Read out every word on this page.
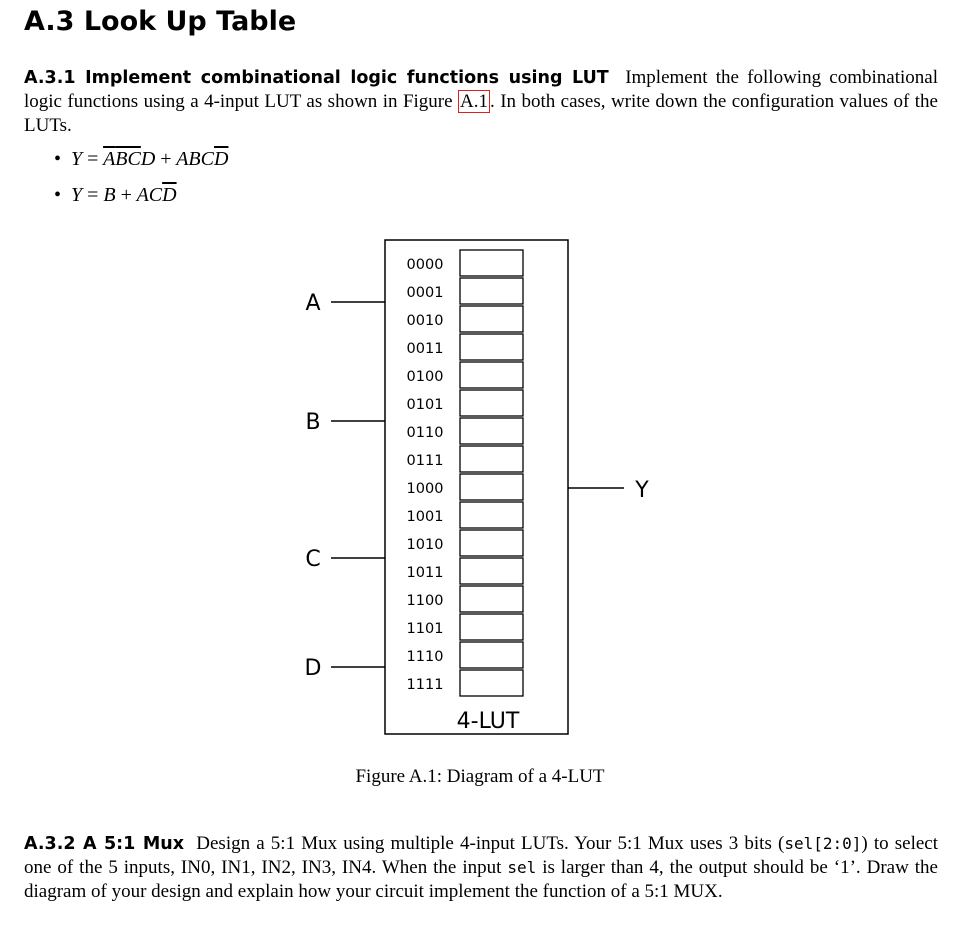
A.3 Look Up Table

A.3.1 Implement combinational logic functions using LUT Implement the following combinational logic functions using a 4-input LUT as shown in Figure A.1 . In both cases, write down the configuration values of the LUTs.

• $Y = \overline{A}\overline{B}\overline{C}D + ABC\overline{D}$
• $Y = B + AC\overline{D}$
0000
0001
0010
0011
0100
0101
0110
0111
1000
1001
1010
1011
1100
1101
1110
1111
A
B
C
D
Y
4-LUT
Figure A.1: Diagram of a 4-LUT

A.3.2 A 5:1 Mux Design a 5:1 Mux using multiple 4-input LUTs. Your 5:1 Mux uses 3 bits (sel[2:0]) to select one of the 5 inputs, IN0, IN1, IN2, IN3, IN4. When the input sel is larger than 4, the output should be ‘1’. Draw the diagram of your design and explain how your circuit implement the function of a 5:1 MUX.
